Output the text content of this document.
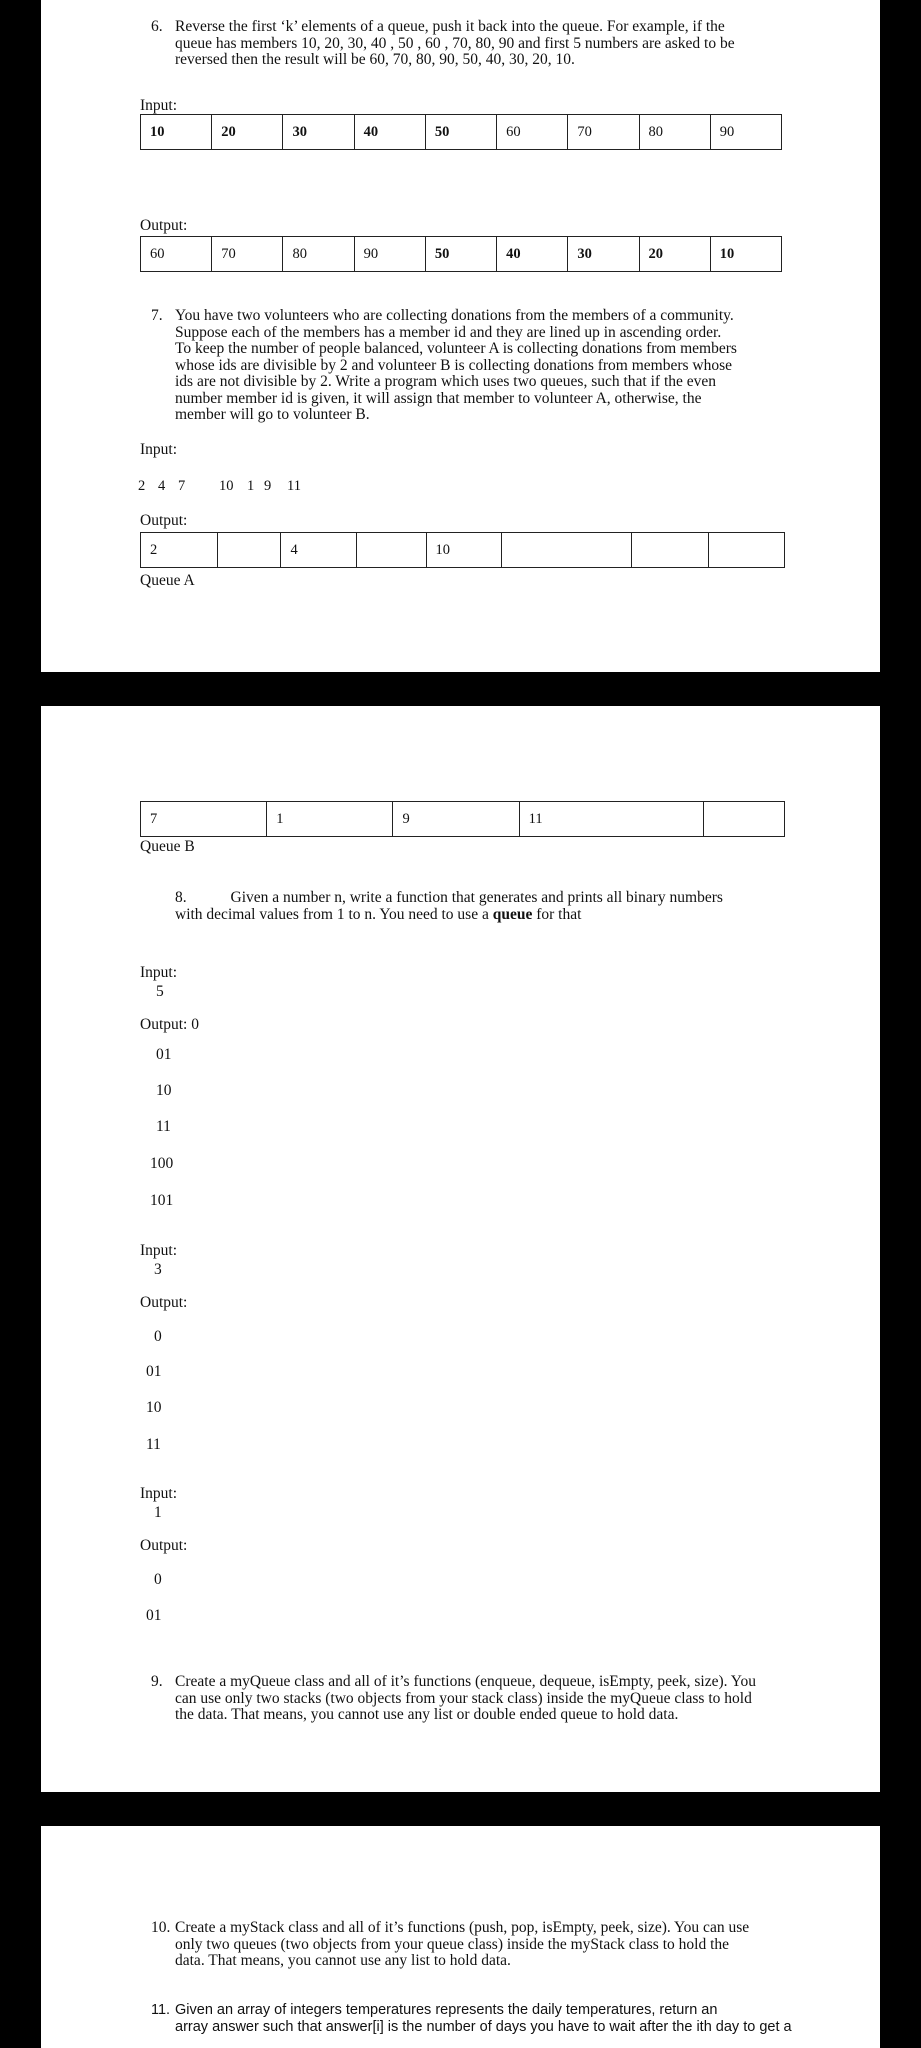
6. Reverse the first ‘k’ elements of a queue, push it back into the queue. For example, if the

queue has members 10, 20, 30, 40 , 50 , 60 , 70, 80, 90 and first 5 numbers are asked to be

reversed then the result will be 60, 70, 80, 90, 50, 40, 30, 20, 10.

Input:
10	20	30	40	50	60	70	80	90
Output:
60	70	80	90	50	40	30	20	10
7. You have two volunteers who are collecting donations from the members of a community.

Suppose each of the members has a member id and they are lined up in ascending order.

To keep the number of people balanced, volunteer A is collecting donations from members

whose ids are divisible by 2 and volunteer B is collecting donations from members whose

ids are not divisible by 2. Write a program which uses two queues, such that if the even

number member id is given, it will assign that member to volunteer A, otherwise, the

member will go to volunteer B.

Input:
2 4 7 10 1 9 11
Output:
2		4		10			
Queue A
7	1	9	11	
Queue B

8.	Given a number n, write a function that generates and prints all binary numbers

with decimal values from 1 to n. You need to use a queue for that

Input:
5
Output: 0
01
10
11
100
101
Input:
3
Output:
0
01
10
11
Input:
1
Output:
0
01
9. Create a myQueue class and all of it’s functions (enqueue, dequeue, isEmpty, peek, size). You

can use only two stacks (two objects from your stack class) inside the myQueue class to hold

the data. That means, you cannot use any list or double ended queue to hold data.

10. Create a myStack class and all of it’s functions (push, pop, isEmpty, peek, size). You can use

only two queues (two objects from your queue class) inside the myStack class to hold the

data. That means, you cannot use any list to hold data.

11. Given an array of integers temperatures represents the daily temperatures, return an

array answer such that answer[i] is the number of days you have to wait after the ith day to get a
